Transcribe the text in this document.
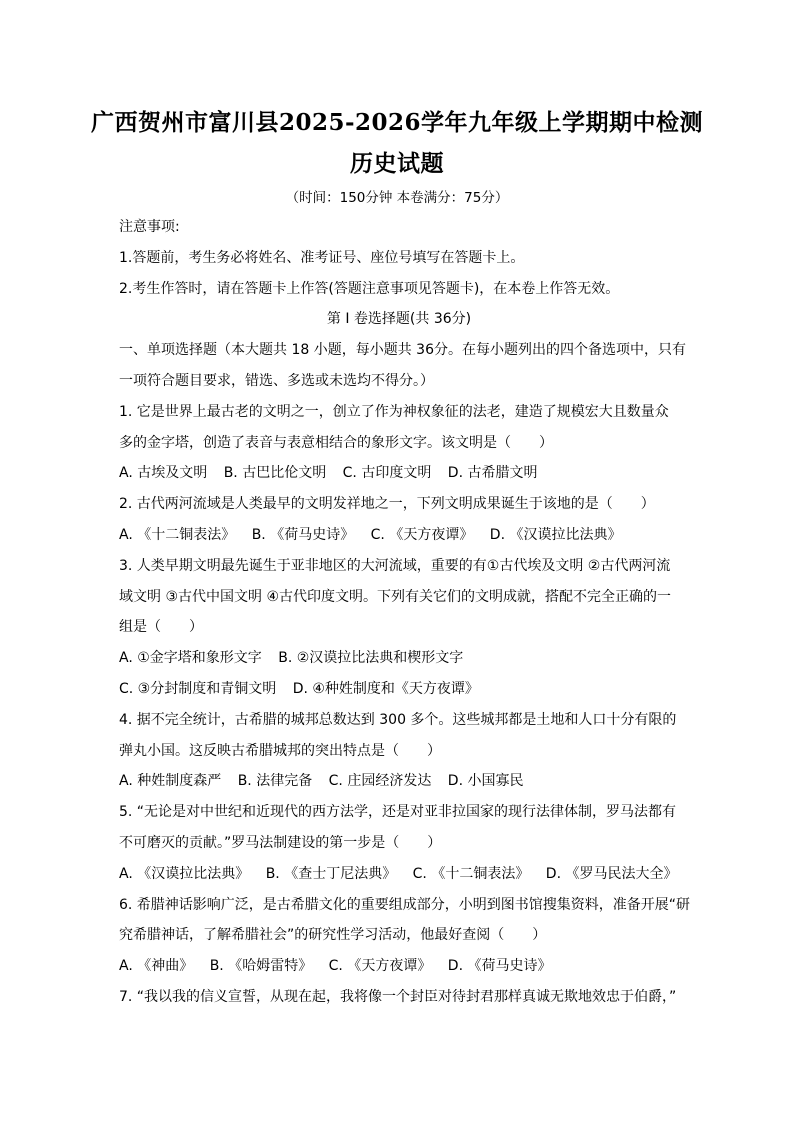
广西贺州市富川县2025-2026学年九年级上学期期中检测
历史试题
（时间：150分钟 本卷满分：75分）
注意事项:
1.答题前，考生务必将姓名、准考证号、座位号填写在答题卡上。
2.考生作答时，请在答题卡上作答(答题注意事项见答题卡)，在本卷上作答无效。
第 I 卷选择题(共 36分)
一、单项选择题（本大题共 18 小题，每小题共 36分。在每小题列出的四个备选项中，只有
一项符合题目要求，错选、多选或未选均不得分。）
1. 它是世界上最古老的文明之一，创立了作为神权象征的法老，建造了规模宏大且数量众
多的金字塔，创造了表音与表意相结合的象形文字。该文明是（　　）
A. 古埃及文明 B. 古巴比伦文明 C. 古印度文明 D. 古希腊文明
2. 古代两河流域是人类最早的文明发祥地之一，下列文明成果诞生于该地的是（　　）
A. 《十二铜表法》 B. 《荷马史诗》 C. 《天方夜谭》 D. 《汉谟拉比法典》
3. 人类早期文明最先诞生于亚非地区的大河流域，重要的有①古代埃及文明 ②古代两河流
域文明 ③古代中国文明 ④古代印度文明。下列有关它们的文明成就，搭配不完全正确的一
组是（　　）
A. ①金字塔和象形文字 B. ②汉谟拉比法典和楔形文字
C. ③分封制度和青铜文明 D. ④种姓制度和《天方夜谭》
4. 据不完全统计，古希腊的城邦总数达到 300 多个。这些城邦都是土地和人口十分有限的
弹丸小国。这反映古希腊城邦的突出特点是（　　）
A. 种姓制度森严 B. 法律完备 C. 庄园经济发达 D. 小国寡民
5. “无论是对中世纪和近现代的西方法学，还是对亚非拉国家的现行法律体制，罗马法都有
不可磨灭的贡献。”罗马法制建设的第一步是（　　）
A. 《汉谟拉比法典》 B. 《查士丁尼法典》 C. 《十二铜表法》 D. 《罗马民法大全》
6. 希腊神话影响广泛，是古希腊文化的重要组成部分，小明到图书馆搜集资料，准备开展“研
究希腊神话，了解希腊社会”的研究性学习活动，他最好查阅（　　）
A. 《神曲》 B. 《哈姆雷特》 C. 《天方夜谭》 D. 《荷马史诗》
7. “我以我的信义宣誓，从现在起，我将像一个封臣对待封君那样真诚无欺地效忠于伯爵，”
